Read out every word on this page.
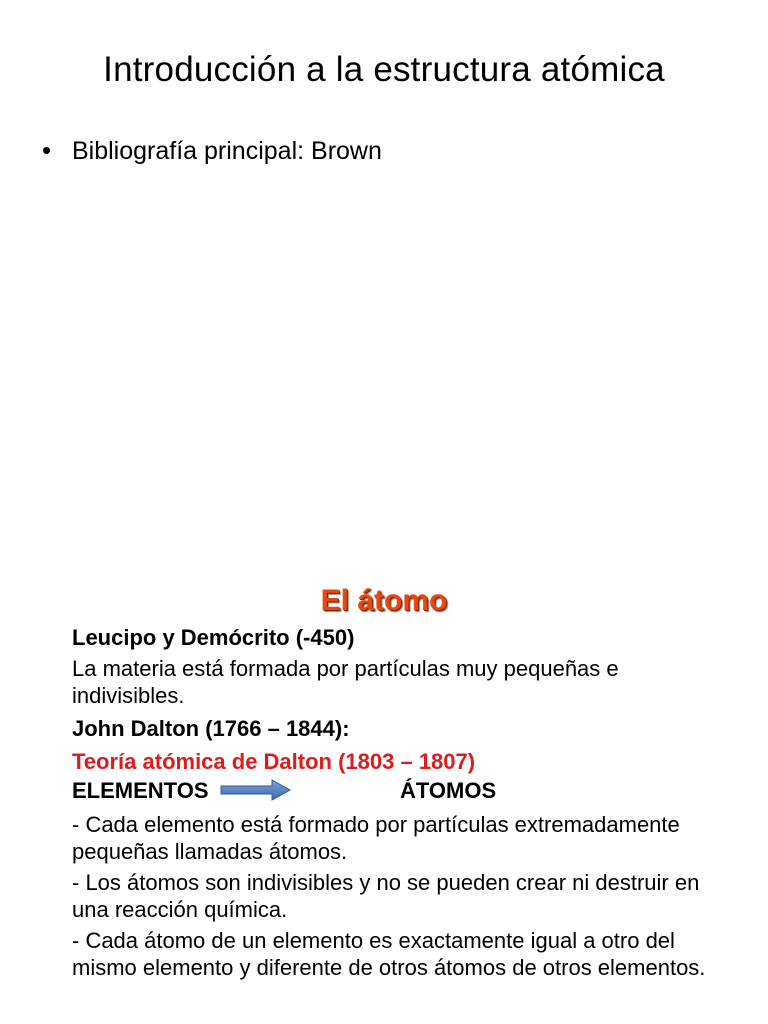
Introducción a la estructura atómica
• Bibliografía principal: Brown
El átomo

Leucipo y Demócrito (-450)

La materia está formada por partículas muy pequeñas e indivisibles.

John Dalton (1766 – 1844):

Teoría atómica de Dalton (1803 – 1807)

ELEMENTOS	ÁTOMOS

- Cada elemento está formado por partículas extremadamente pequeñas llamadas átomos.

- Los átomos son indivisibles y no se pueden crear ni destruir en una reacción química.

- Cada átomo de un elemento es exactamente igual a otro del mismo elemento y diferente de otros átomos de otros elementos.
